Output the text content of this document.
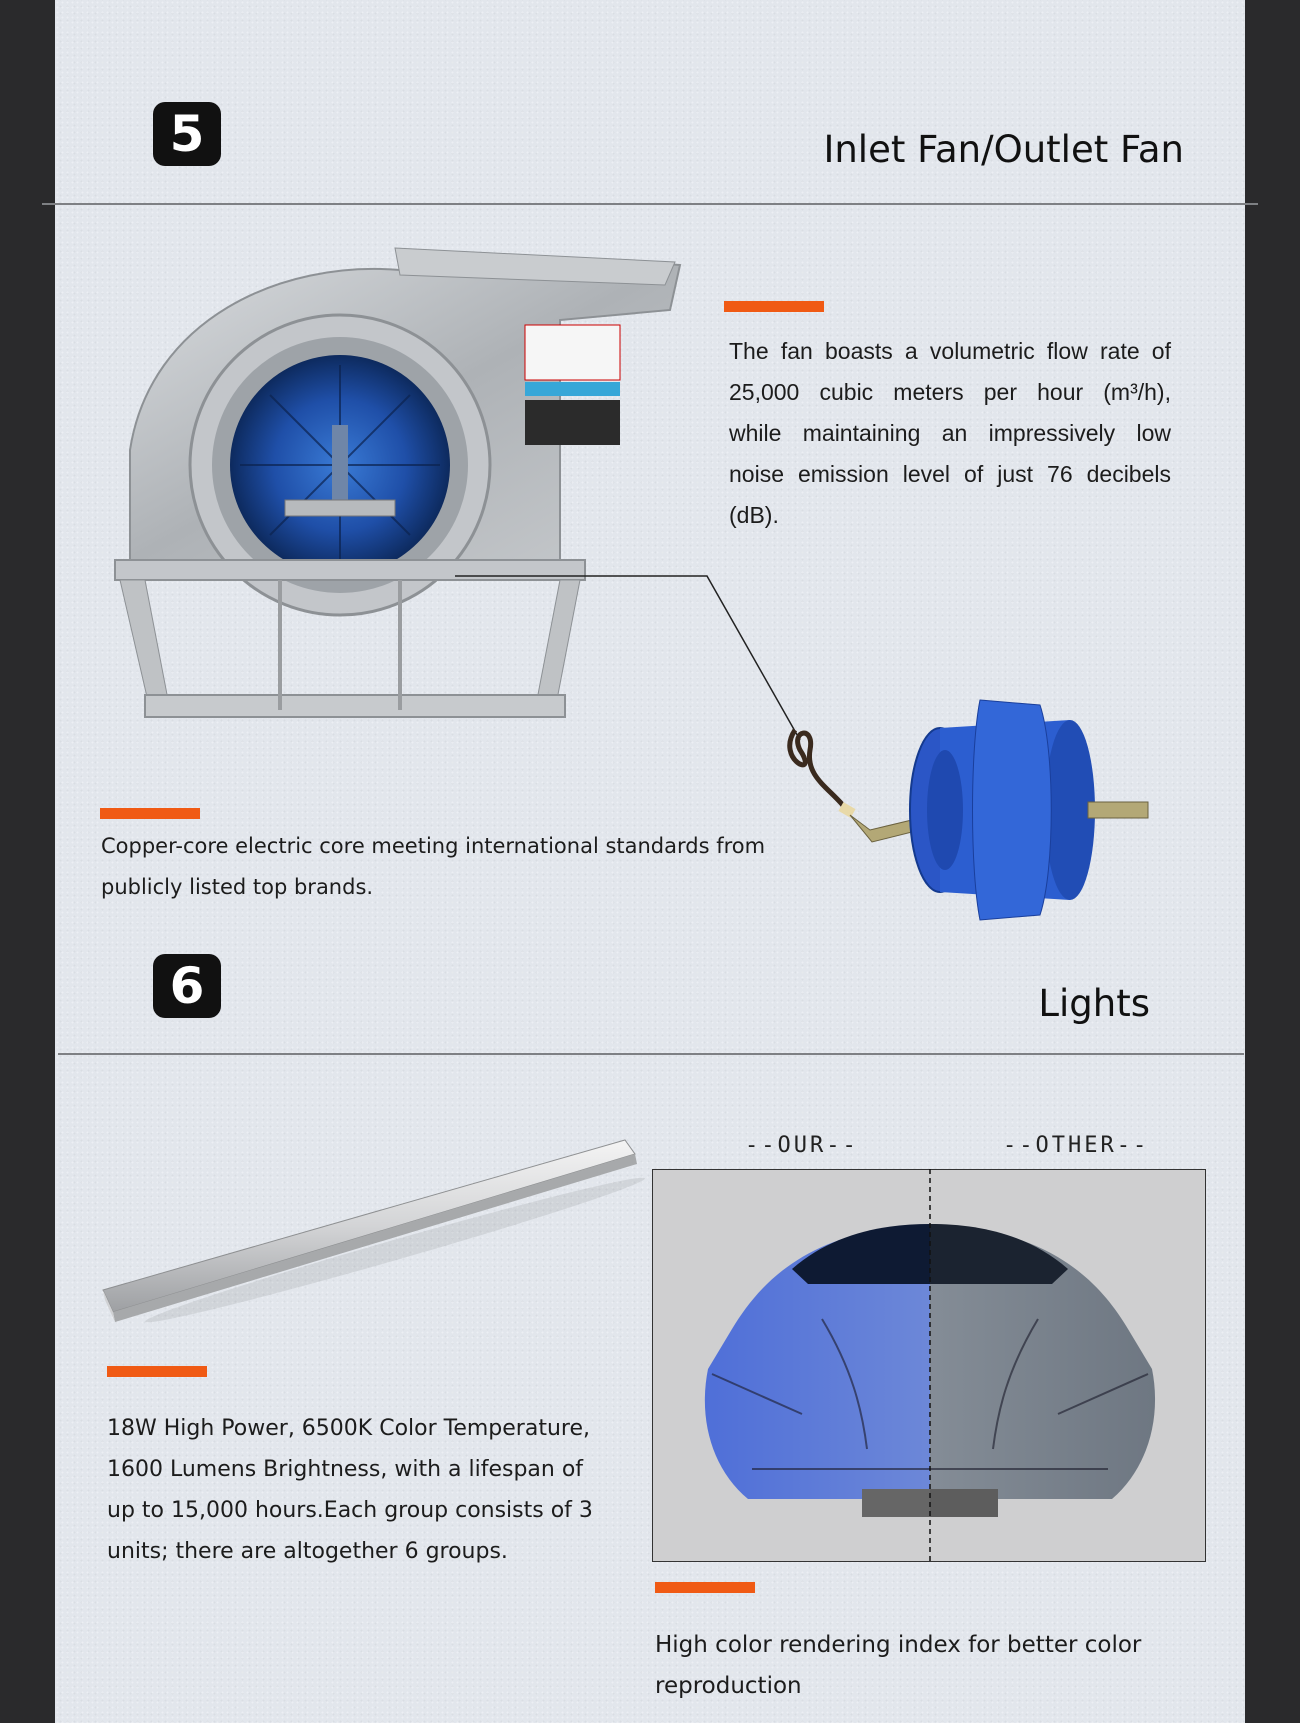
5	Inlet Fan/Outlet Fan
The fan boasts a volumetric flow rate of
25,000 cubic meters per hour (m³/h),
while maintaining an impressively low
noise emission level of just 76 decibels
(dB).
Copper-core electric core meeting international standards from
publicly listed top brands.
6	Lights
18W High Power, 6500K Color Temperature,
1600 Lumens Brightness, with a lifespan of
up to 15,000 hours.Each group consists of 3
units; there are altogether 6 groups.
--OUR--	--OTHER--
High color rendering index for better color
reproduction
